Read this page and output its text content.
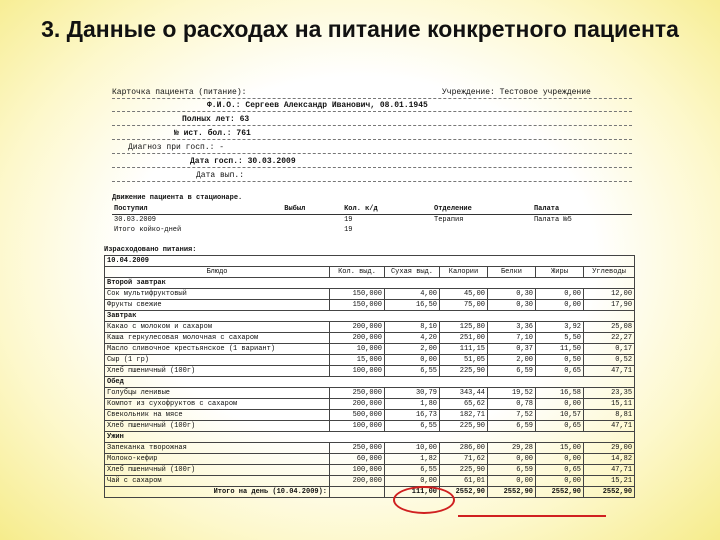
3. Данные о расходах на питание конкретного пациента
Карточка пациента (питание):	Учреждение: Тестовое учреждение
Ф.И.О.: Сергеев Александр Иванович, 08.01.1945
Полных лет: 63
№ ист. бол.: 761
Диагноз при госп.: -
Дата госп.: 30.03.2009
Дата вып.:
Движение пациента в стационаре.
Поступил	Выбыл	Кол. к/д	Отделение	Палата
30.03.2009		19	Терапия	Палата №5
Итого койко-дней		19		
Израсходовано питания:
10.04.2009						
Блюдо	Кол. выд.	Сухая выд.	Калории	Белки	Жиры	Углеводы
Второй завтрак						
Сок мультифруктовый	150,000	4,00	45,00	0,30	0,00	12,00
Фрукты свежие	150,000	16,50	75,00	0,30	0,00	17,90
Завтрак						
Какао с молоком и сахаром	200,000	8,10	125,80	3,36	3,92	25,08
Каша геркулесовая молочная с сахаром	200,000	4,20	251,00	7,10	5,50	22,27
Масло сливочное крестьянское (1 вариант)	10,000	2,00	111,15	0,37	11,50	0,17
Сыр (1 гр)	15,000	0,00	51,05	2,00	0,50	0,52
Хлеб пшеничный (100г)	100,000	6,55	225,90	6,59	0,65	47,71
Обед						
Голубцы ленивые	250,000	30,79	343,44	19,52	16,58	23,35
Компот из сухофруктов с сахаром	200,000	1,80	65,62	0,78	0,00	15,11
Свекольник на мясе	500,000	16,73	182,71	7,52	10,57	8,81
Хлеб пшеничный (100г)	100,000	6,55	225,90	6,59	0,65	47,71
Ужин						
Запеканка творожная	250,000	10,00	286,00	29,28	15,00	29,00
Молоко-кефир	60,000	1,82	71,62	0,00	0,00	14,82
Хлеб пшеничный (100г)	100,000	6,55	225,90	6,59	0,65	47,71
Чай с сахаром	200,000	0,00	61,01	0,00	0,00	15,21
Итого на день (10.04.2009):		111,00	2552,90	2552,90	2552,90	2552,90
